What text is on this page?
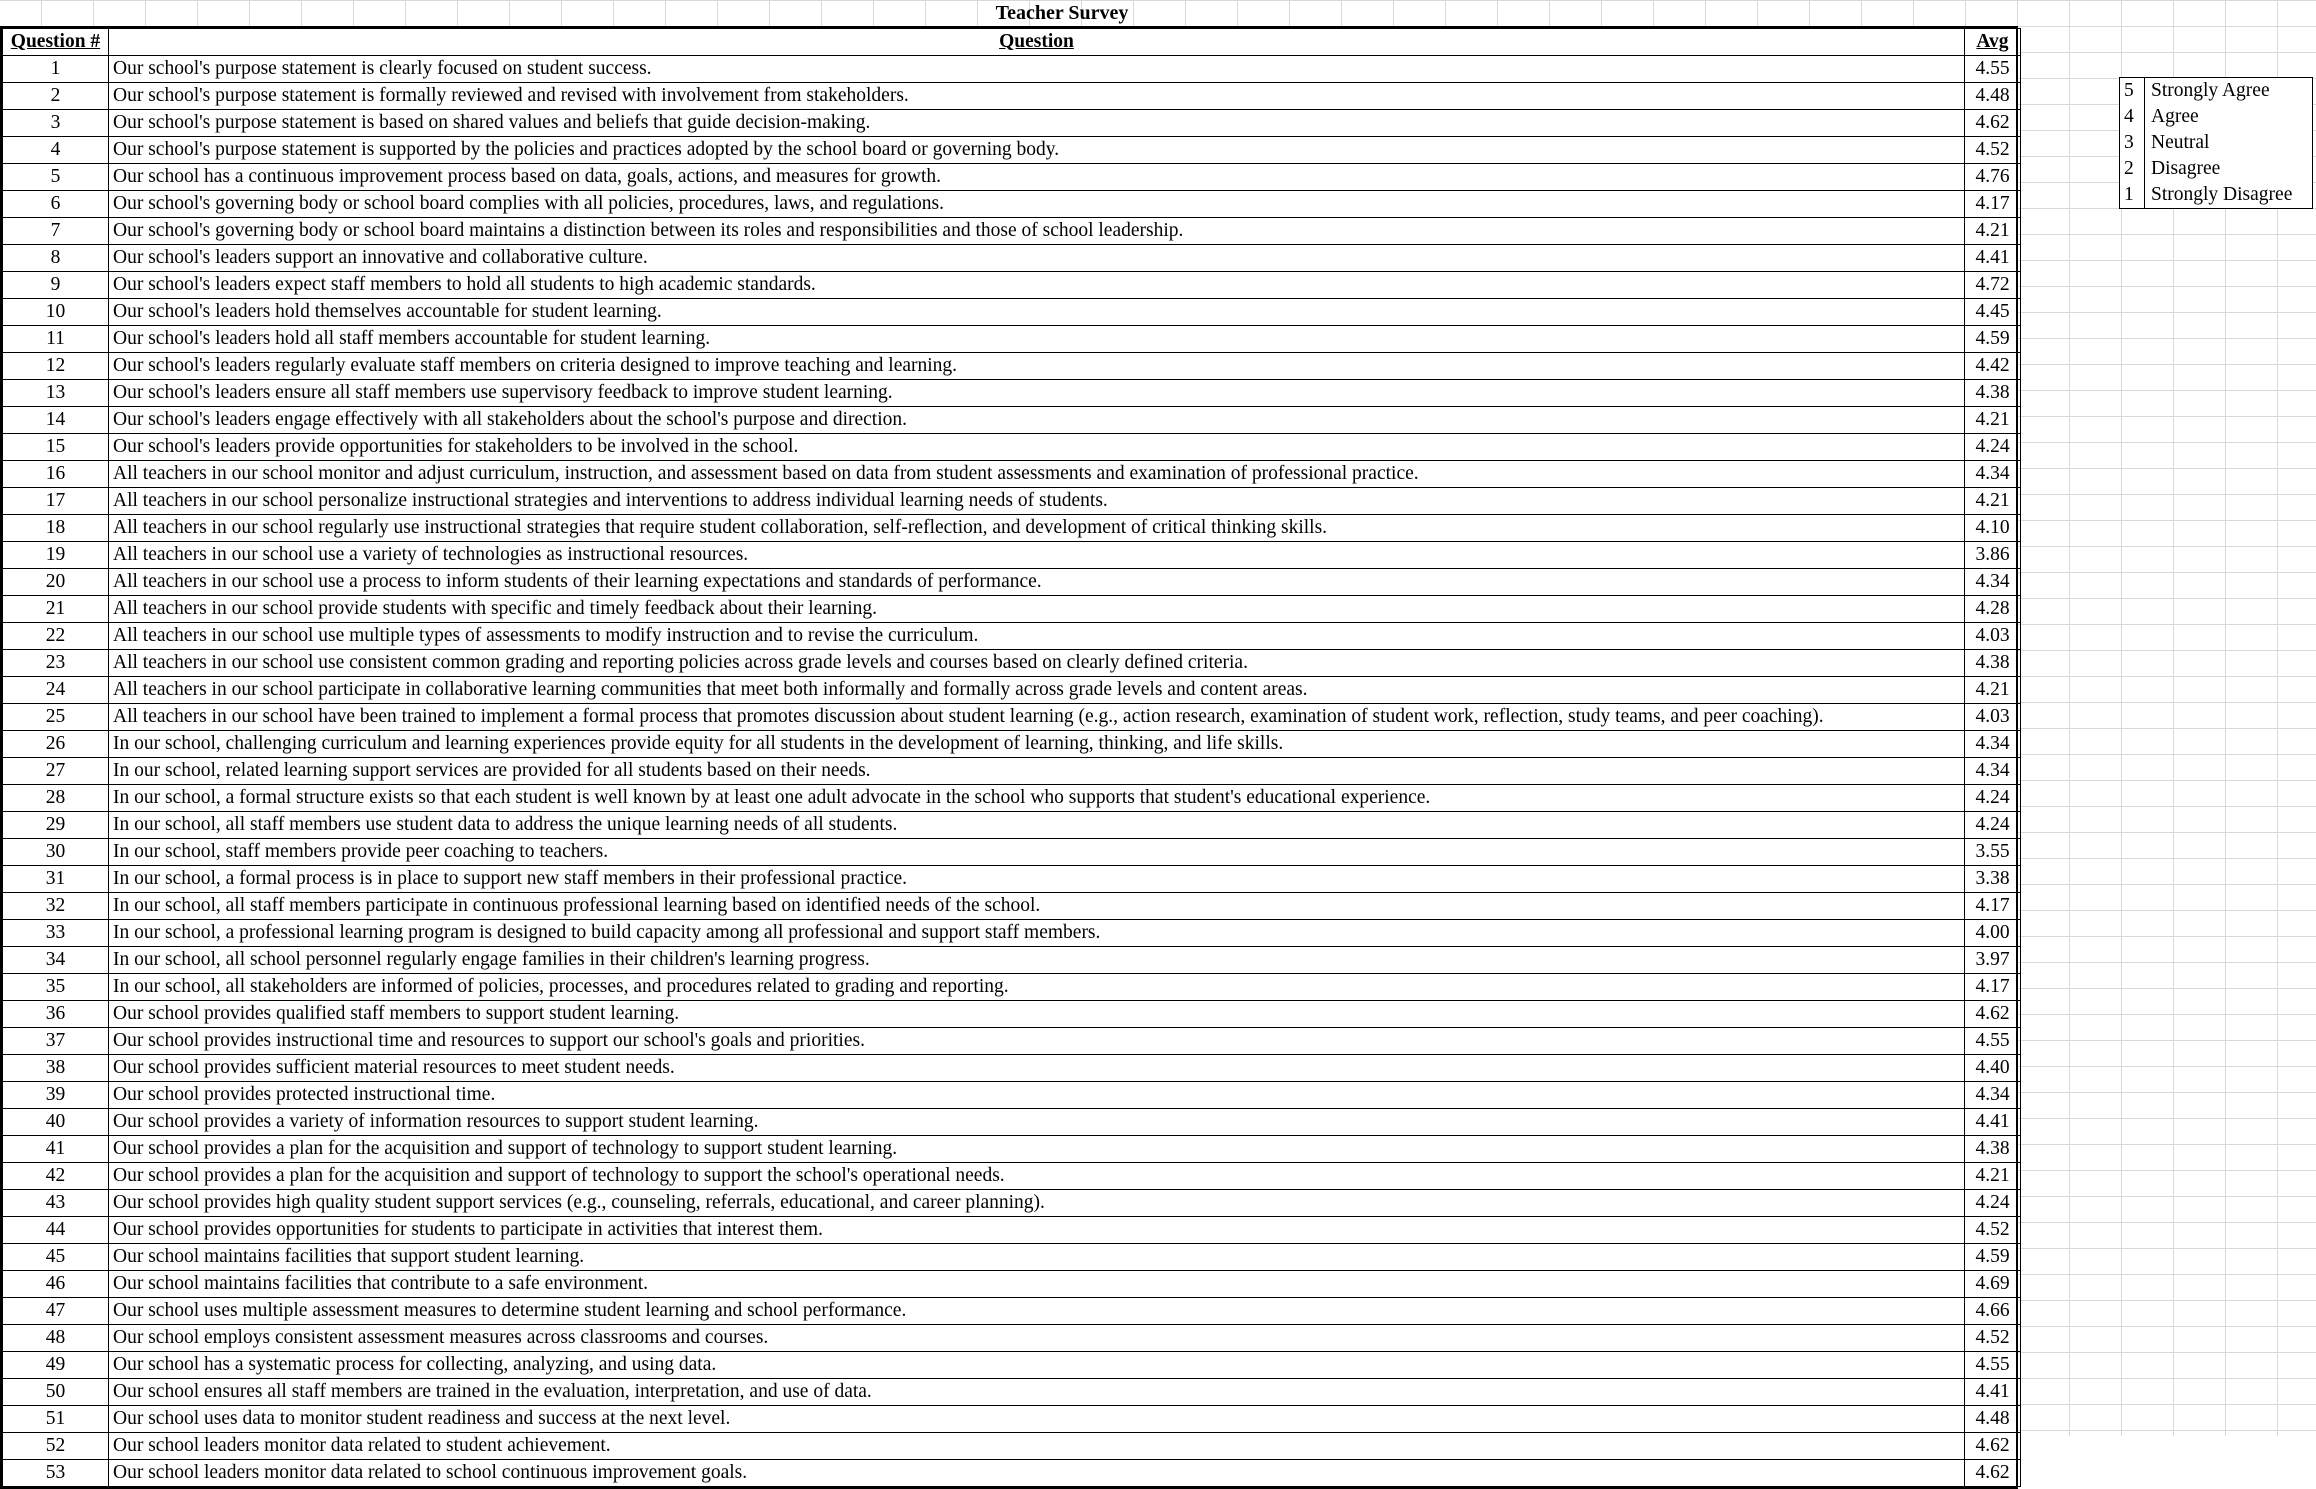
Teacher Survey
Question #	Question	Avg
1	Our school's purpose statement is clearly focused on student success.	4.55
2	Our school's purpose statement is formally reviewed and revised with involvement from stakeholders.	4.48
3	Our school's purpose statement is based on shared values and beliefs that guide decision-making.	4.62
4	Our school's purpose statement is supported by the policies and practices adopted by the school board or governing body.	4.52
5	Our school has a continuous improvement process based on data, goals, actions, and measures for growth.	4.76
6	Our school's governing body or school board complies with all policies, procedures, laws, and regulations.	4.17
7	Our school's governing body or school board maintains a distinction between its roles and responsibilities and those of school leadership.	4.21
8	Our school's leaders support an innovative and collaborative culture.	4.41
9	Our school's leaders expect staff members to hold all students to high academic standards.	4.72
10	Our school's leaders hold themselves accountable for student learning.	4.45
11	Our school's leaders hold all staff members accountable for student learning.	4.59
12	Our school's leaders regularly evaluate staff members on criteria designed to improve teaching and learning.	4.42
13	Our school's leaders ensure all staff members use supervisory feedback to improve student learning.	4.38
14	Our school's leaders engage effectively with all stakeholders about the school's purpose and direction.	4.21
15	Our school's leaders provide opportunities for stakeholders to be involved in the school.	4.24
16	All teachers in our school monitor and adjust curriculum, instruction, and assessment based on data from student assessments and examination of professional practice.	4.34
17	All teachers in our school personalize instructional strategies and interventions to address individual learning needs of students.	4.21
18	All teachers in our school regularly use instructional strategies that require student collaboration, self-reflection, and development of critical thinking skills.	4.10
19	All teachers in our school use a variety of technologies as instructional resources.	3.86
20	All teachers in our school use a process to inform students of their learning expectations and standards of performance.	4.34
21	All teachers in our school provide students with specific and timely feedback about their learning.	4.28
22	All teachers in our school use multiple types of assessments to modify instruction and to revise the curriculum.	4.03
23	All teachers in our school use consistent common grading and reporting policies across grade levels and courses based on clearly defined criteria.	4.38
24	All teachers in our school participate in collaborative learning communities that meet both informally and formally across grade levels and content areas.	4.21
25	All teachers in our school have been trained to implement a formal process that promotes discussion about student learning (e.g., action research, examination of student work, reflection, study teams, and peer coaching).	4.03
26	In our school, challenging curriculum and learning experiences provide equity for all students in the development of learning, thinking, and life skills.	4.34
27	In our school, related learning support services are provided for all students based on their needs.	4.34
28	In our school, a formal structure exists so that each student is well known by at least one adult advocate in the school who supports that student's educational experience.	4.24
29	In our school, all staff members use student data to address the unique learning needs of all students.	4.24
30	In our school, staff members provide peer coaching to teachers.	3.55
31	In our school, a formal process is in place to support new staff members in their professional practice.	3.38
32	In our school, all staff members participate in continuous professional learning based on identified needs of the school.	4.17
33	In our school, a professional learning program is designed to build capacity among all professional and support staff members.	4.00
34	In our school, all school personnel regularly engage families in their children's learning progress.	3.97
35	In our school, all stakeholders are informed of policies, processes, and procedures related to grading and reporting.	4.17
36	Our school provides qualified staff members to support student learning.	4.62
37	Our school provides instructional time and resources to support our school's goals and priorities.	4.55
38	Our school provides sufficient material resources to meet student needs.	4.40
39	Our school provides protected instructional time.	4.34
40	Our school provides a variety of information resources to support student learning.	4.41
41	Our school provides a plan for the acquisition and support of technology to support student learning.	4.38
42	Our school provides a plan for the acquisition and support of technology to support the school's operational needs.	4.21
43	Our school provides high quality student support services (e.g., counseling, referrals, educational, and career planning).	4.24
44	Our school provides opportunities for students to participate in activities that interest them.	4.52
45	Our school maintains facilities that support student learning.	4.59
46	Our school maintains facilities that contribute to a safe environment.	4.69
47	Our school uses multiple assessment measures to determine student learning and school performance.	4.66
48	Our school employs consistent assessment measures across classrooms and courses.	4.52
49	Our school has a systematic process for collecting, analyzing, and using data.	4.55
50	Our school ensures all staff members are trained in the evaluation, interpretation, and use of data.	4.41
51	Our school uses data to monitor student readiness and success at the next level.	4.48
52	Our school leaders monitor data related to student achievement.	4.62
53	Our school leaders monitor data related to school continuous improvement goals.	4.62
5 Strongly Agree
4 Agree
3 Neutral
2 Disagree
1 Strongly Disagree
